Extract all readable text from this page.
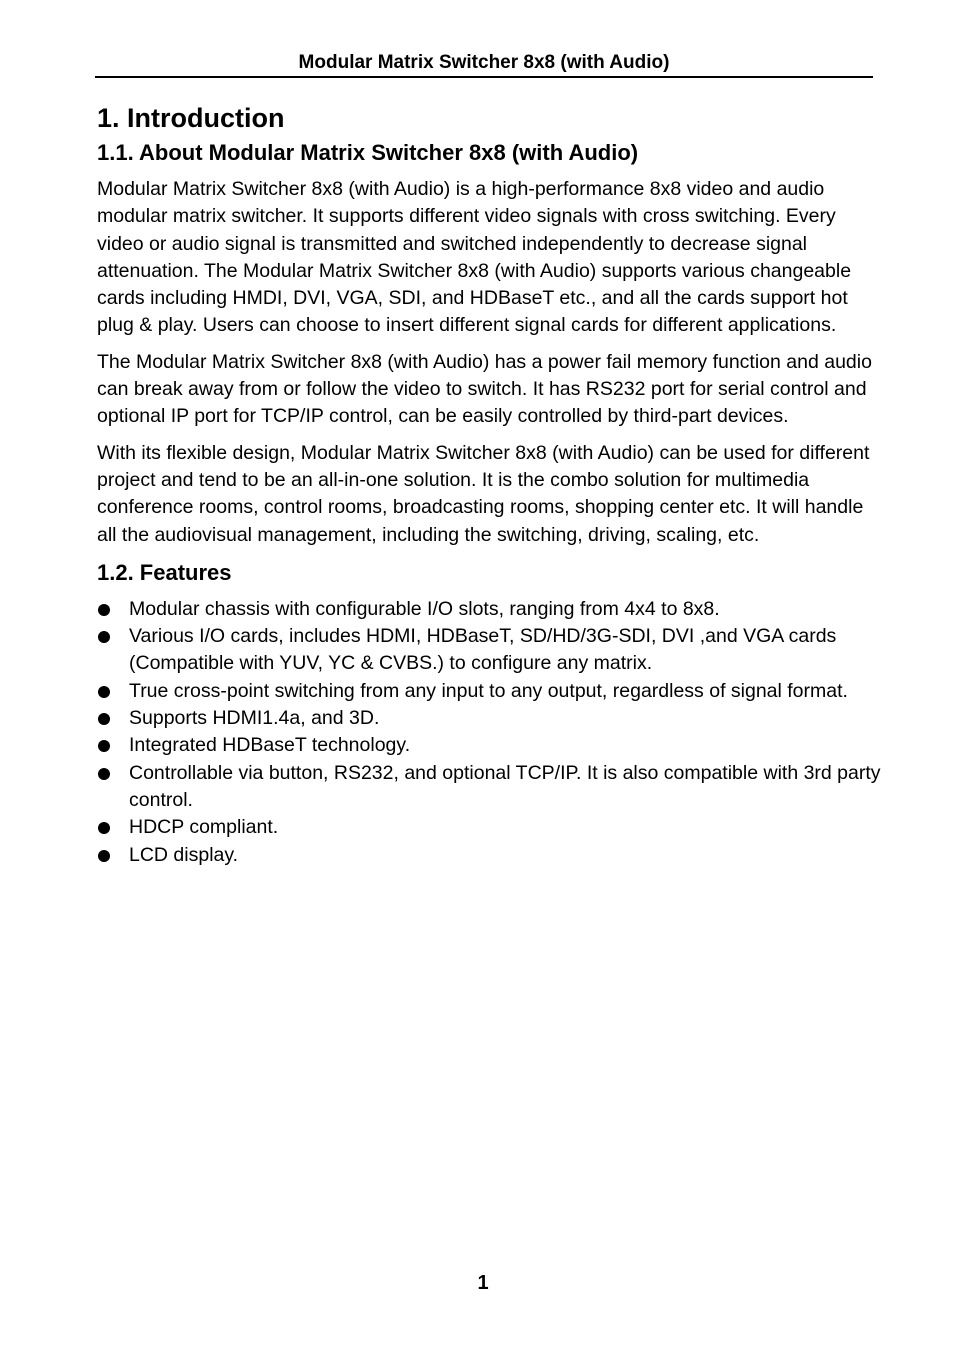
Modular Matrix Switcher 8x8 (with Audio)
1. Introduction
1.1. About Modular Matrix Switcher 8x8 (with Audio)

Modular Matrix Switcher 8x8 (with Audio) is a high-performance 8x8 video and audio modular matrix switcher. It supports different video signals with cross switching. Every video or audio signal is transmitted and switched independently to decrease signal attenuation. The Modular Matrix Switcher 8x8 (with Audio) supports various changeable cards including HMDI, DVI, VGA, SDI, and HDBaseT etc., and all the cards support hot plug & play. Users can choose to insert different signal cards for different applications.

The Modular Matrix Switcher 8x8 (with Audio) has a power fail memory function and audio can break away from or follow the video to switch. It has RS232 port for serial control and optional IP port for TCP/IP control, can be easily controlled by third-part devices.

With its flexible design, Modular Matrix Switcher 8x8 (with Audio) can be used for different project and tend to be an all-in-one solution. It is the combo solution for multimedia conference rooms, control rooms, broadcasting rooms, shopping center etc. It will handle all the audiovisual management, including the switching, driving, scaling, etc.

1.2. Features
Modular chassis with configurable I/O slots, ranging from 4x4 to 8x8.
Various I/O cards, includes HDMI, HDBaseT, SD/HD/3G-SDI, DVI ,and VGA cards (Compatible with YUV, YC & CVBS.) to configure any matrix.
True cross-point switching from any input to any output, regardless of signal format.
Supports HDMI1.4a, and 3D.
Integrated HDBaseT technology.
Controllable via button, RS232, and optional TCP/IP. It is also compatible with 3rd party control.
HDCP compliant.
LCD display.
1
